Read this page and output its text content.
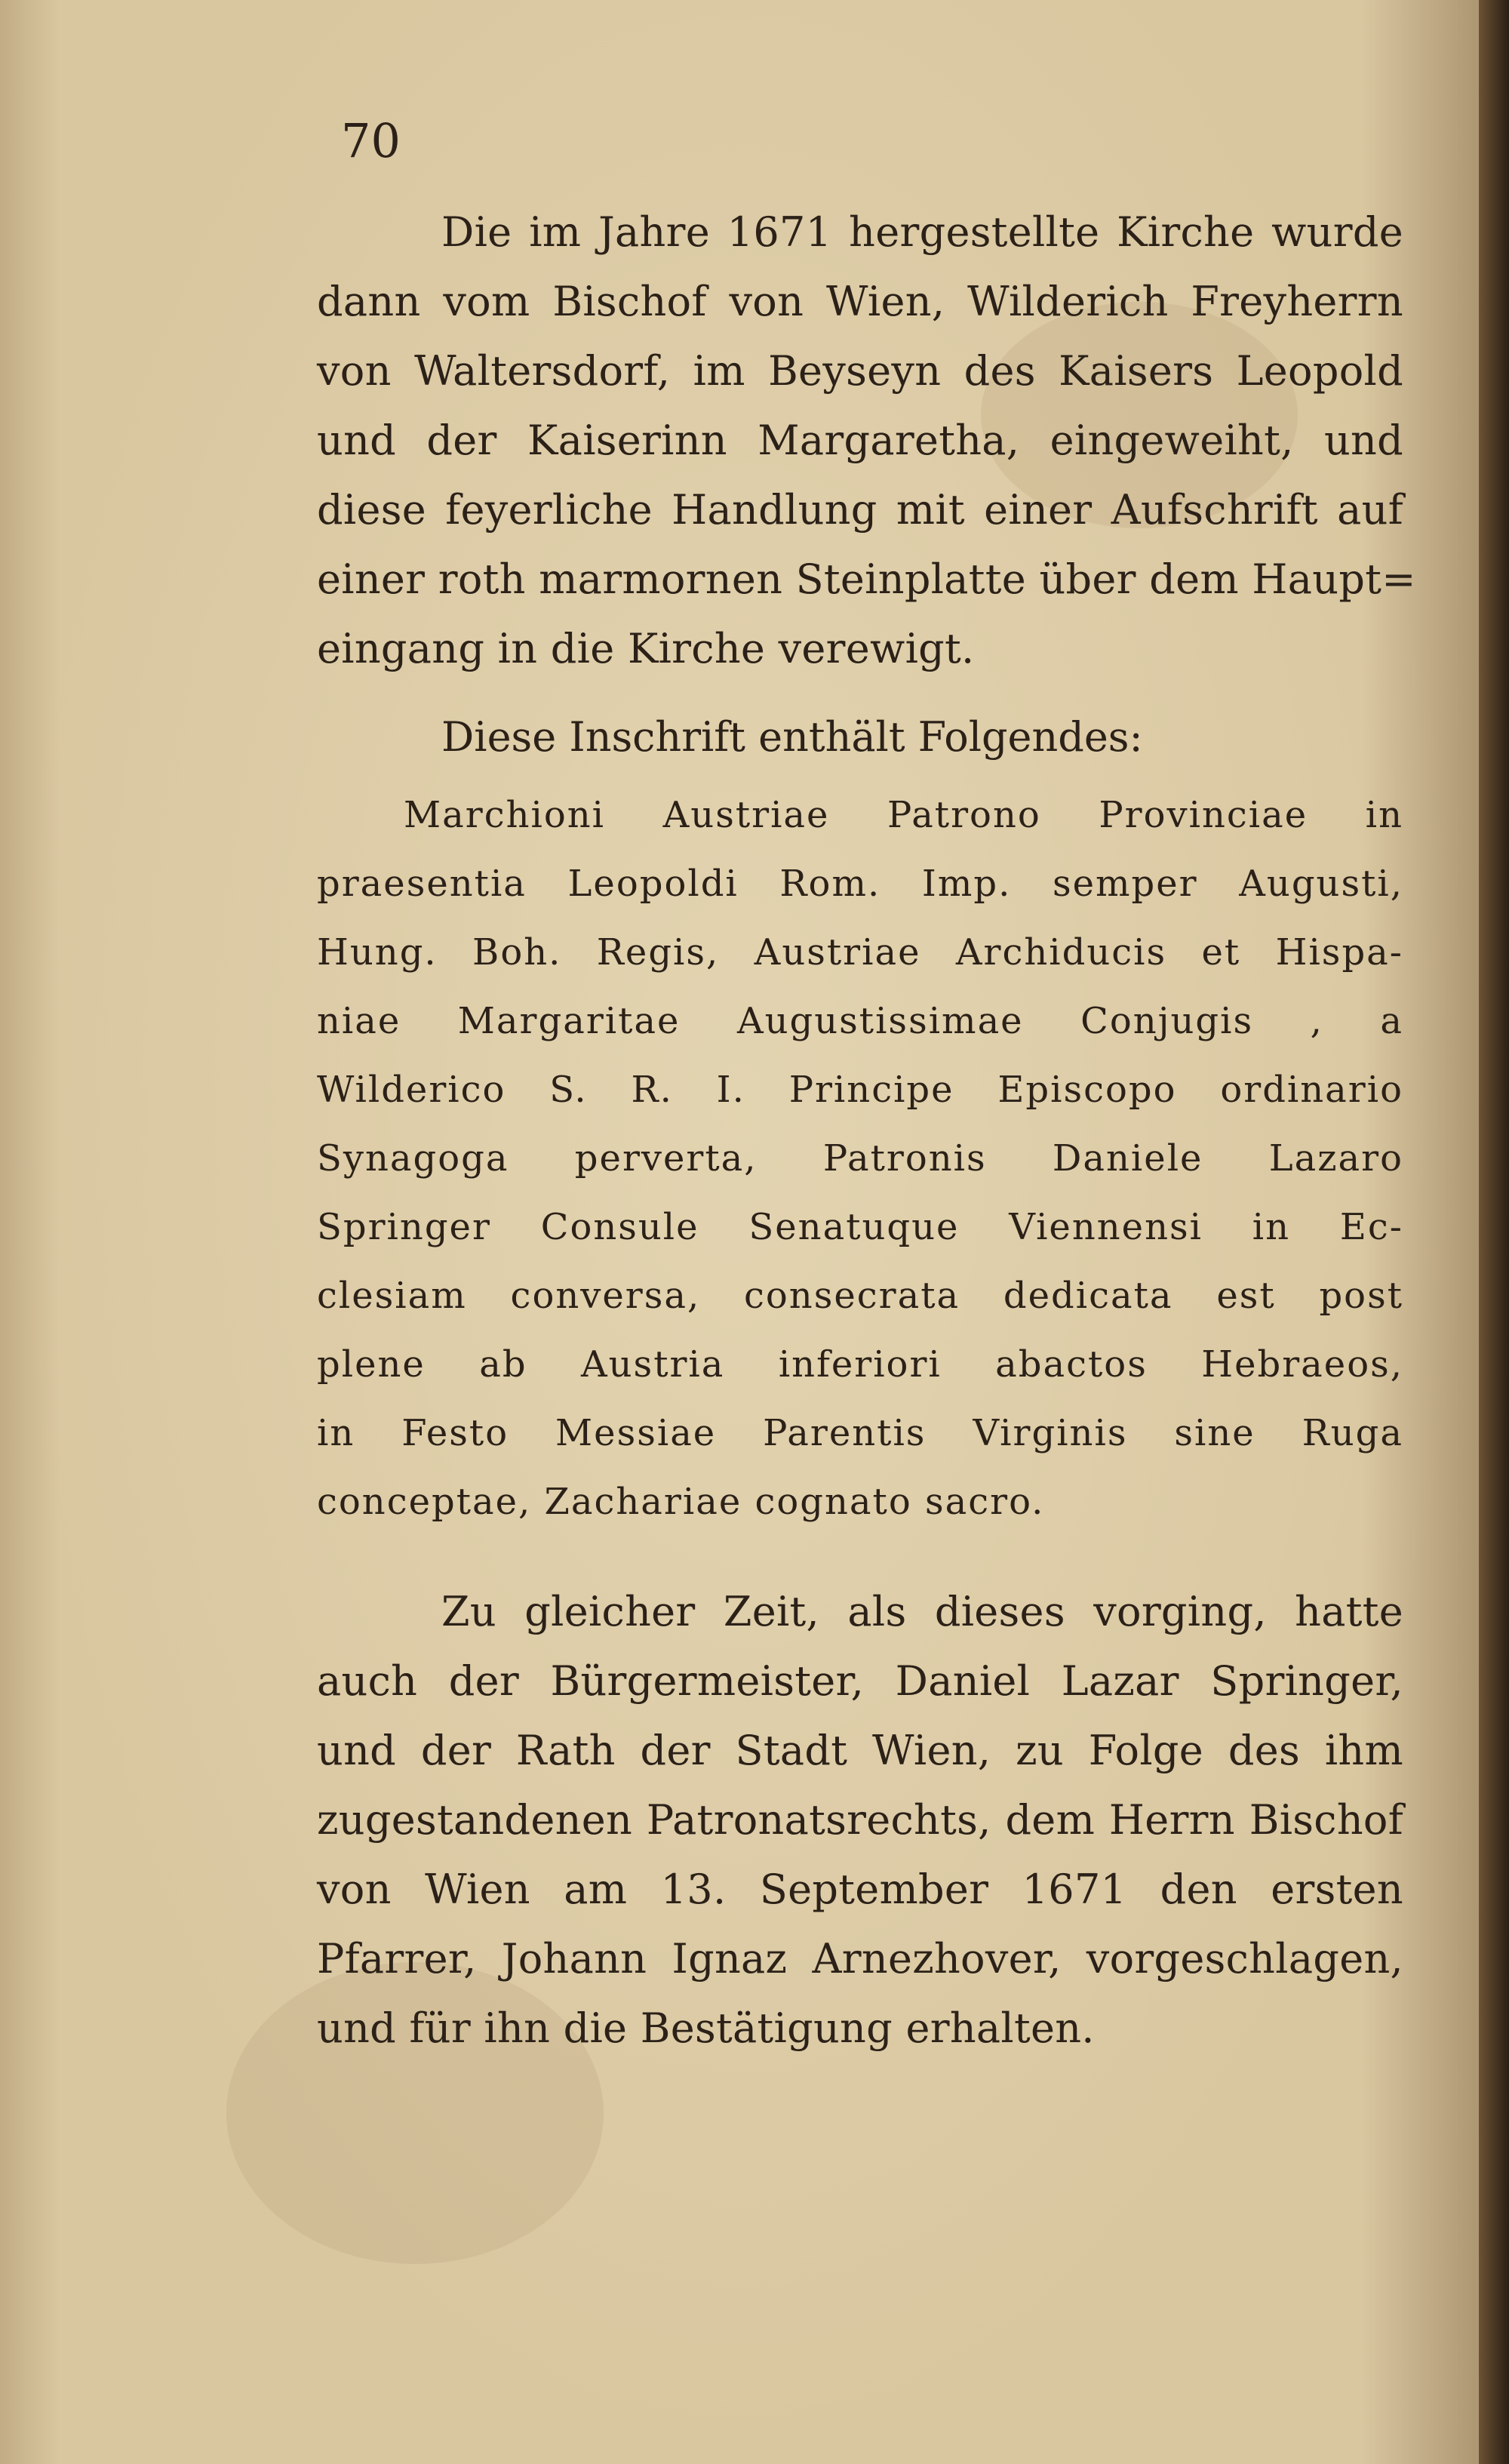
70
Die im Jahre 1671 hergestellte Kirche wurde
dann vom Bischof von Wien, Wilderich Freyherrn
von Waltersdorf, im Beyseyn des Kaisers Leopold
und der Kaiserinn Margaretha, eingeweiht, und
diese feyerliche Handlung mit einer Aufschrift auf
einer roth marmornen Steinplatte über dem Haupt=
eingang in die Kirche verewigt.
Diese Inschrift enthält Folgendes:
Marchioni Austriae Patrono Provinciae in
praesentia Leopoldi Rom. Imp. semper Augusti,
Hung. Boh. Regis, Austriae Archiducis et Hispa-
niae Margaritae Augustissimae Conjugis , a
Wilderico S. R. I. Principe Episcopo ordinario
Synagoga perverta, Patronis Daniele Lazaro
Springer Consule Senatuque Viennensi in Ec-
clesiam conversa, consecrata dedicata est post
plene ab Austria inferiori abactos Hebraeos,
in Festo Messiae Parentis Virginis sine Ruga
conceptae, Zachariae cognato sacro.
Zu gleicher Zeit, als dieses vorging, hatte
auch der Bürgermeister, Daniel Lazar Springer,
und der Rath der Stadt Wien, zu Folge des ihm
zugestandenen Patronatsrechts, dem Herrn Bischof
von Wien am 13. September 1671 den ersten
Pfarrer, Johann Ignaz Arnezhover, vorgeschlagen,
und für ihn die Bestätigung erhalten.
